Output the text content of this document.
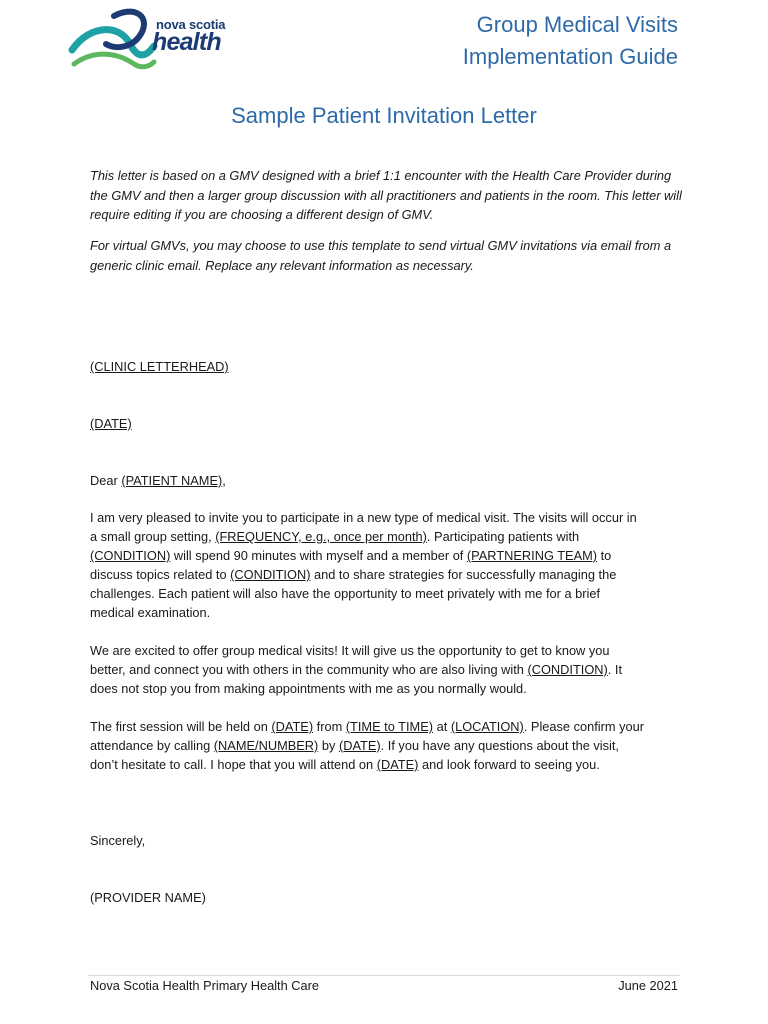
nova scotia
health
Group Medical Visits
Implementation Guide
Sample Patient Invitation Letter
This letter is based on a GMV designed with a brief 1:1 encounter with the Health Care Provider during the GMV and then a larger group discussion with all practitioners and patients in the room. This letter will require editing if you are choosing a different design of GMV.
For virtual GMVs, you may choose to use this template to send virtual GMV invitations via email from a generic clinic email. Replace any relevant information as necessary.
(CLINIC LETTERHEAD)
(DATE)
Dear (PATIENT NAME),
I am very pleased to invite you to participate in a new type of medical visit. The visits will occur in
a small group setting, (FREQUENCY, e.g., once per month). Participating patients with
(CONDITION) will spend 90 minutes with myself and a member of (PARTNERING TEAM) to
discuss topics related to (CONDITION) and to share strategies for successfully managing the
challenges. Each patient will also have the opportunity to meet privately with me for a brief
medical examination.
We are excited to offer group medical visits! It will give us the opportunity to get to know you
better, and connect you with others in the community who are also living with (CONDITION). It
does not stop you from making appointments with me as you normally would.
The first session will be held on (DATE) from (TIME to TIME) at (LOCATION). Please confirm your
attendance by calling (NAME/NUMBER) by (DATE). If you have any questions about the visit,
don’t hesitate to call. I hope that you will attend on (DATE) and look forward to seeing you.
Sincerely,
(PROVIDER NAME)
Nova Scotia Health Primary Health Care	June 2021
